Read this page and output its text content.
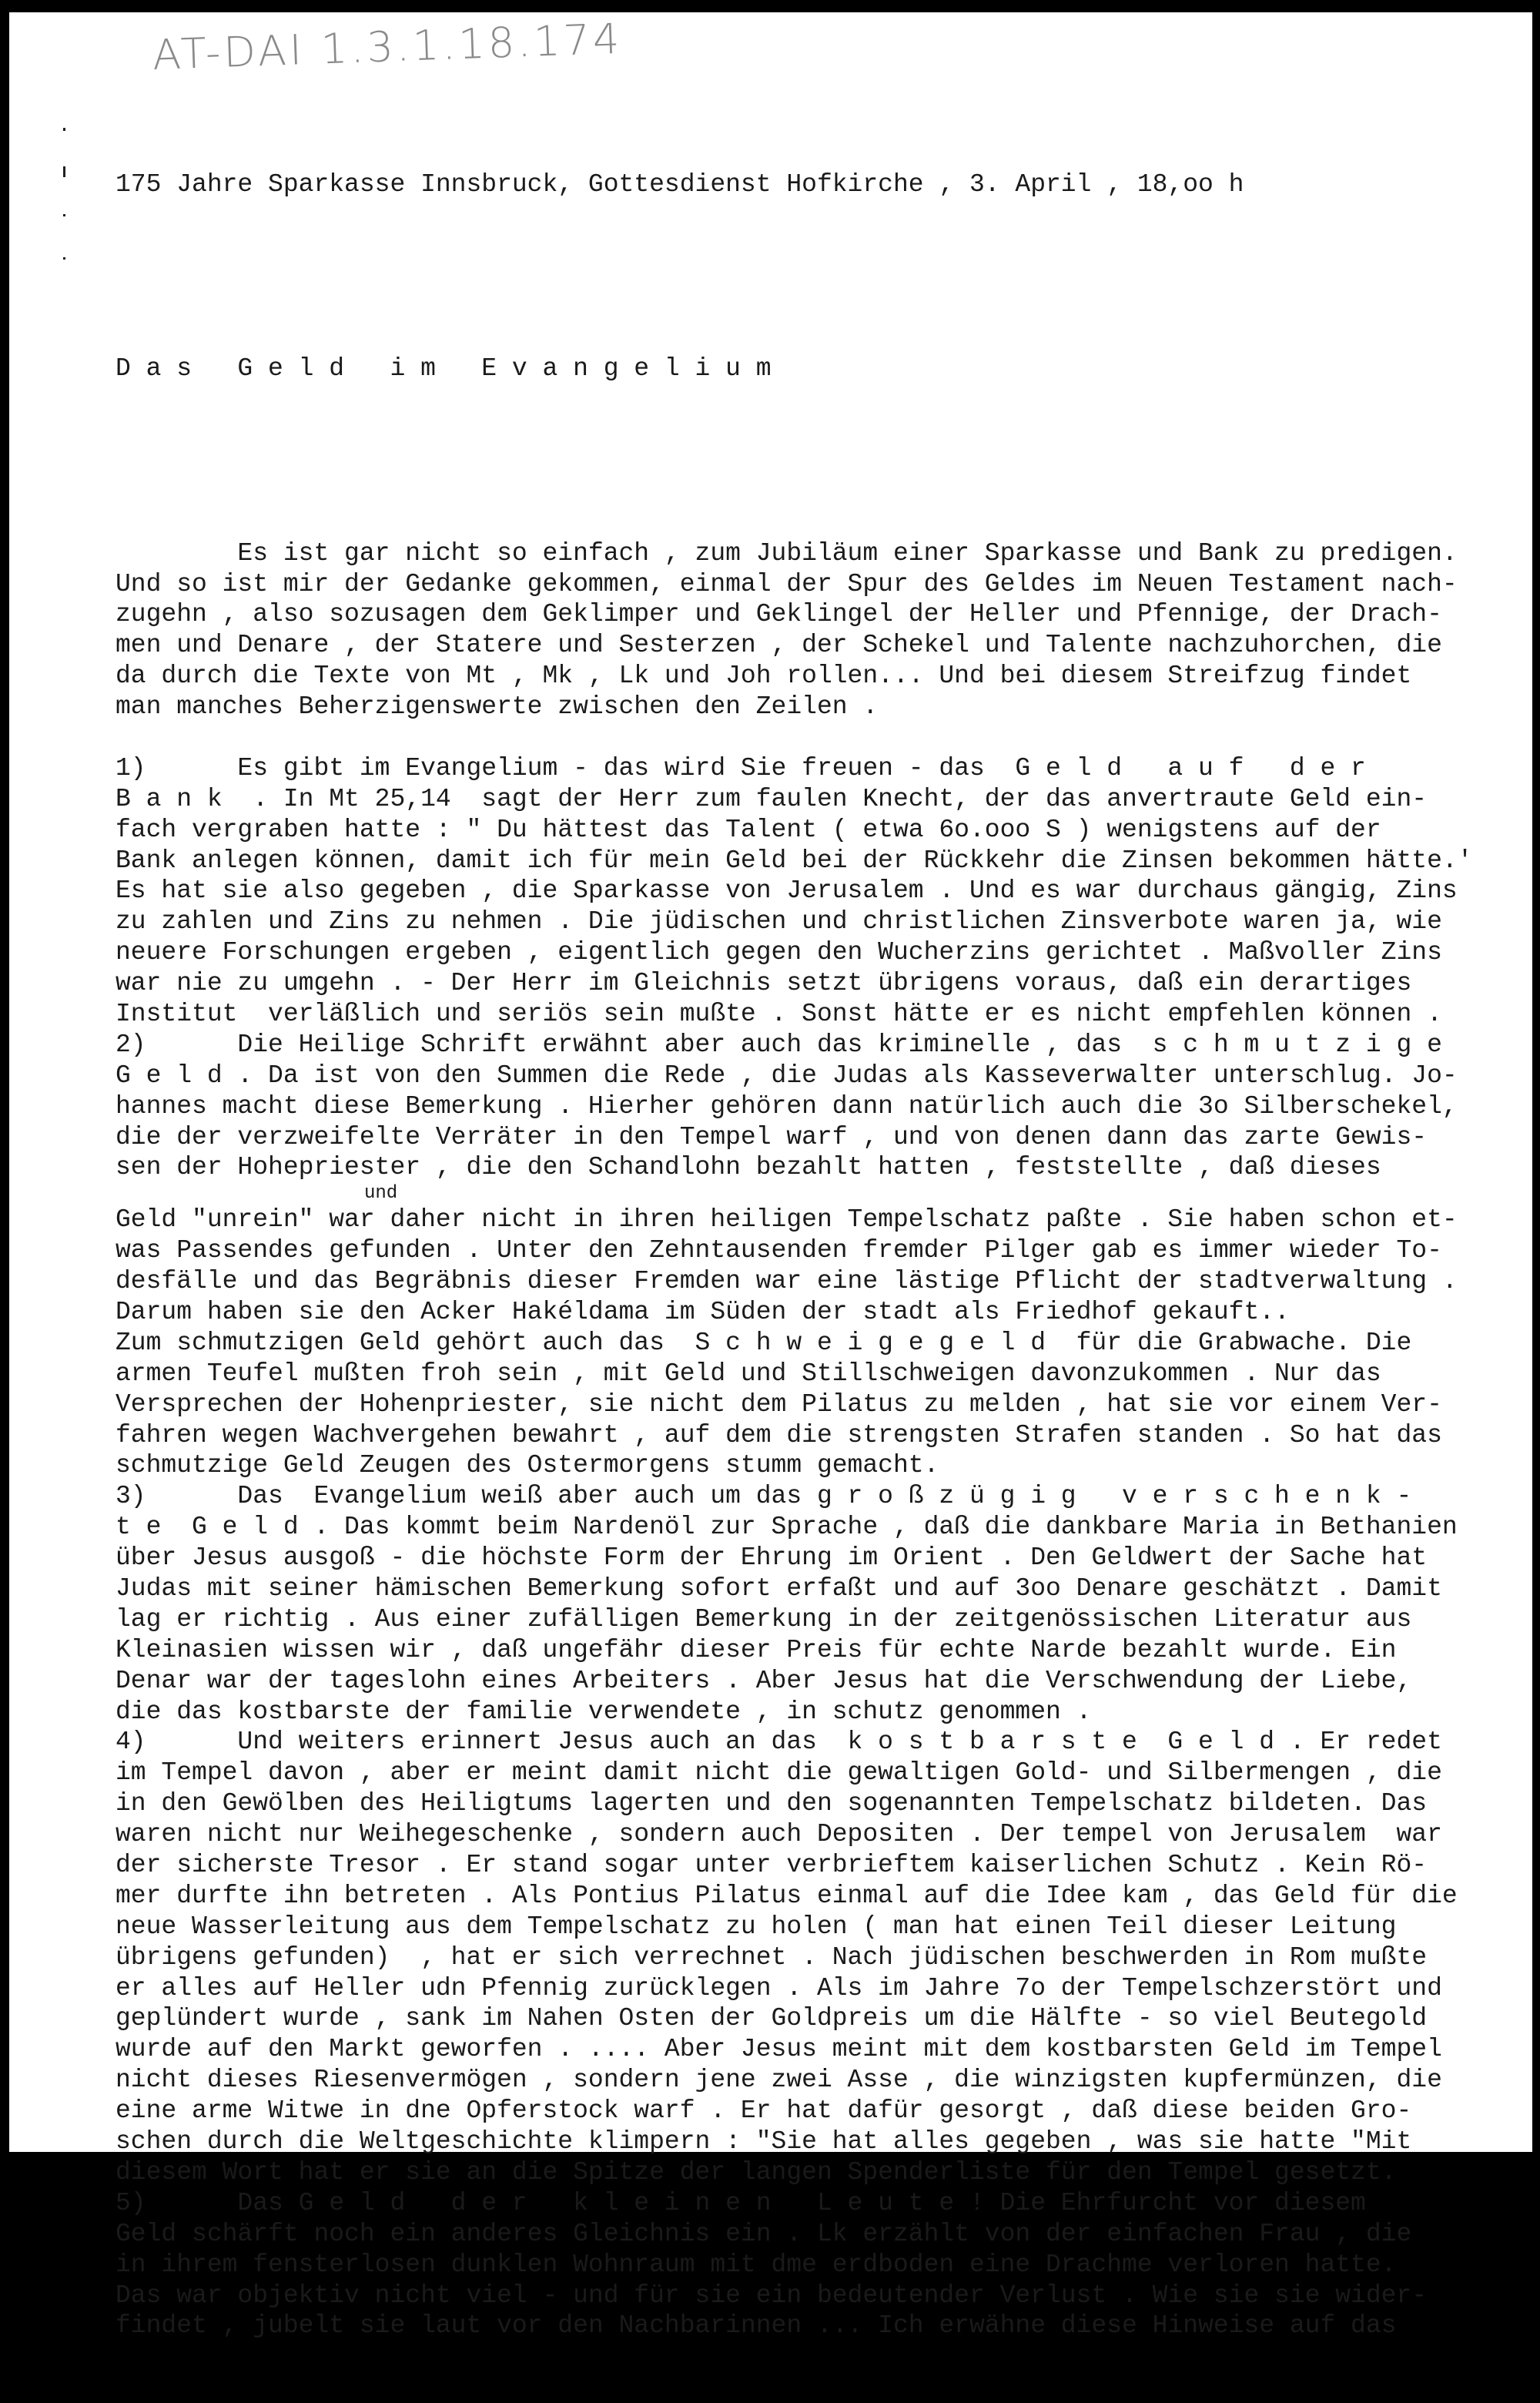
AT-DAI 1.3.1.18.174

175 Jahre Sparkasse Innsbruck, Gottesdienst Hofkirche , 3. April , 18,oo h

D a s   G e l d   i m   E v a n g e l i u m

Es ist gar nicht so einfach , zum Jubiläum einer Sparkasse und Bank zu predigen.
Und so ist mir der Gedanke gekommen, einmal der Spur des Geldes im Neuen Testament nach-
zugehn , also sozusagen dem Geklimper und Geklingel der Heller und Pfennige, der Drach-
men und Denare , der Statere und Sesterzen , der Schekel und Talente nachzuhorchen, die
da durch die Texte von Mt , Mk , Lk und Joh rollen... Und bei diesem Streifzug findet
man manches Beherzigenswerte zwischen den Zeilen .
1)      Es gibt im Evangelium - das wird Sie freuen - das  G e l d   a u f   d e r
B a n k  . In Mt 25,14  sagt der Herr zum faulen Knecht, der das anvertraute Geld ein-
fach vergraben hatte : " Du hättest das Talent ( etwa 6o.ooo S ) wenigstens auf der
Bank anlegen können, damit ich für mein Geld bei der Rückkehr die Zinsen bekommen hätte.'
Es hat sie also gegeben , die Sparkasse von Jerusalem . Und es war durchaus gängig, Zins
zu zahlen und Zins zu nehmen . Die jüdischen und christlichen Zinsverbote waren ja, wie
neuere Forschungen ergeben , eigentlich gegen den Wucherzins gerichtet . Maßvoller Zins
war nie zu umgehn . - Der Herr im Gleichnis setzt übrigens voraus, daß ein derartiges
Institut  verläßlich und seriös sein mußte . Sonst hätte er es nicht empfehlen können .
2)      Die Heilige Schrift erwähnt aber auch das kriminelle , das  s c h m u t z i g e
G e l d . Da ist von den Summen die Rede , die Judas als Kasseverwalter unterschlug. Jo-
hannes macht diese Bemerkung . Hierher gehören dann natürlich auch die 3o Silberschekel,
die der verzweifelte Verräter in den Tempel warf , und von denen dann das zarte Gewis-
sen der Hohepriester , die den Schandlohn bezahlt hatten , feststellte , daß dieses
Geld "unrein" war daher nicht in ihren heiligen Tempelschatz paßte . Sie haben schon et-
und
was Passendes gefunden . Unter den Zehntausenden fremder Pilger gab es immer wieder To-
desfälle und das Begräbnis dieser Fremden war eine lästige Pflicht der stadtverwaltung .
Darum haben sie den Acker Hakéldama im Süden der stadt als Friedhof gekauft..
Zum schmutzigen Geld gehört auch das  S c h w e i g e g e l d  für die Grabwache. Die
armen Teufel mußten froh sein , mit Geld und Stillschweigen davonzukommen . Nur das
Versprechen der Hohenpriester, sie nicht dem Pilatus zu melden , hat sie vor einem Ver-
fahren wegen Wachvergehen bewahrt , auf dem die strengsten Strafen standen . So hat das
schmutzige Geld Zeugen des Ostermorgens stumm gemacht.
3)      Das  Evangelium weiß aber auch um das g r o ß z ü g i g   v e r s c h e n k -
t e  G e l d . Das kommt beim Nardenöl zur Sprache , daß die dankbare Maria in Bethanien
über Jesus ausgoß - die höchste Form der Ehrung im Orient . Den Geldwert der Sache hat
Judas mit seiner hämischen Bemerkung sofort erfaßt und auf 3oo Denare geschätzt . Damit
lag er richtig . Aus einer zufälligen Bemerkung in der zeitgenössischen Literatur aus
Kleinasien wissen wir , daß ungefähr dieser Preis für echte Narde bezahlt wurde. Ein
Denar war der tageslohn eines Arbeiters . Aber Jesus hat die Verschwendung der Liebe,
die das kostbarste der familie verwendete , in schutz genommen .
4)      Und weiters erinnert Jesus auch an das  k o s t b a r s t e  G e l d . Er redet
im Tempel davon , aber er meint damit nicht die gewaltigen Gold- und Silbermengen , die
in den Gewölben des Heiligtums lagerten und den sogenannten Tempelschatz bildeten. Das
waren nicht nur Weihegeschenke , sondern auch Depositen . Der tempel von Jerusalem  war
der sicherste Tresor . Er stand sogar unter verbrieftem kaiserlichen Schutz . Kein Rö-
mer durfte ihn betreten . Als Pontius Pilatus einmal auf die Idee kam , das Geld für die
neue Wasserleitung aus dem Tempelschatz zu holen ( man hat einen Teil dieser Leitung
übrigens gefunden)  , hat er sich verrechnet . Nach jüdischen beschwerden in Rom mußte
er alles auf Heller udn Pfennig zurücklegen . Als im Jahre 7o der Tempelschzerstört und
geplündert wurde , sank im Nahen Osten der Goldpreis um die Hälfte - so viel Beutegold
wurde auf den Markt geworfen . .... Aber Jesus meint mit dem kostbarsten Geld im Tempel
nicht dieses Riesenvermögen , sondern jene zwei Asse , die winzigsten kupfermünzen, die
eine arme Witwe in dne Opferstock warf . Er hat dafür gesorgt , daß diese beiden Gro-
schen durch die Weltgeschichte klimpern : "Sie hat alles gegeben , was sie hatte "Mit
diesem Wort hat er sie an die Spitze der langen Spenderliste für den Tempel gesetzt.
5)      Das G e l d   d e r   k l e i n e n   L e u t e ! Die Ehrfurcht vor diesem
Geld schärft noch ein anderes Gleichnis ein . Lk erzählt von der einfachen Frau , die
in ihrem fensterlosen dunklen Wohnraum mit dme erdboden eine Drachme verloren hatte.
Das war objektiv nicht viel - und für sie ein bedeutender Verlust . Wie sie sie wider-
findet , jubelt sie laut vor den Nachbarinnen ... Ich erwähne diese Hinweise auf das
